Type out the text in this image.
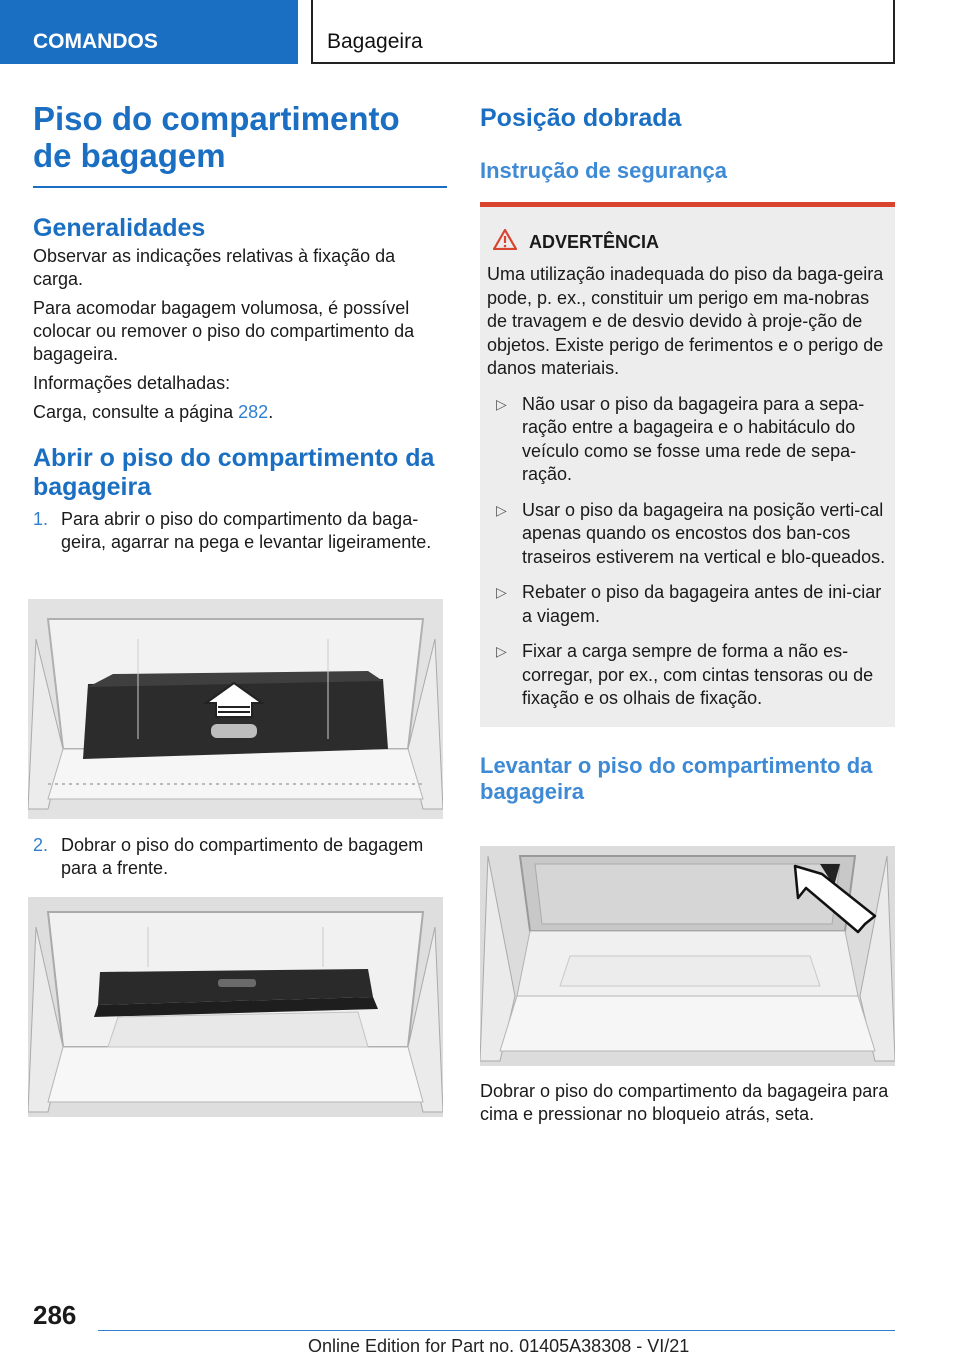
COMANDOS	Bagageira
Piso do compartimento de bagagem
Generalidades

Observar as indicações relativas à fixação da carga.

Para acomodar bagagem volumosa, é possível colocar ou remover o piso do compartimento da bagageira.

Informações detalhadas:

Carga, consulte a página 282.

Abrir o piso do compartimento da bagageira
1. Para abrir o piso do compartimento da baga‐geira, agarrar na pega e levantar ligeiramente.
2. Dobrar o piso do compartimento de bagagem para a frente.
Posição dobrada
Instrução de segurança
ADVERTÊNCIA

Uma utilização inadequada do piso da baga‐geira pode, p. ex., constituir um perigo em ma‐nobras de travagem e de desvio devido à proje‐ção de objetos. Existe perigo de ferimentos e o perigo de danos materiais.

▷ Não usar o piso da bagageira para a sepa‐ração entre a bagageira e o habitáculo do veículo como se fosse uma rede de sepa‐ração.
▷ Usar o piso da bagageira na posição verti‐cal apenas quando os encostos dos ban‐cos traseiros estiverem na vertical e blo‐queados.
▷ Rebater o piso da bagageira antes de ini‐ciar a viagem.
▷ Fixar a carga sempre de forma a não es‐corregar, por ex., com cintas tensoras ou de fixação e os olhais de fixação.
Levantar o piso do compartimento da bagageira

Dobrar o piso do compartimento da bagageira para cima e pressionar no bloqueio atrás, seta.

286
Online Edition for Part no. 01405A38308 - VI/21
